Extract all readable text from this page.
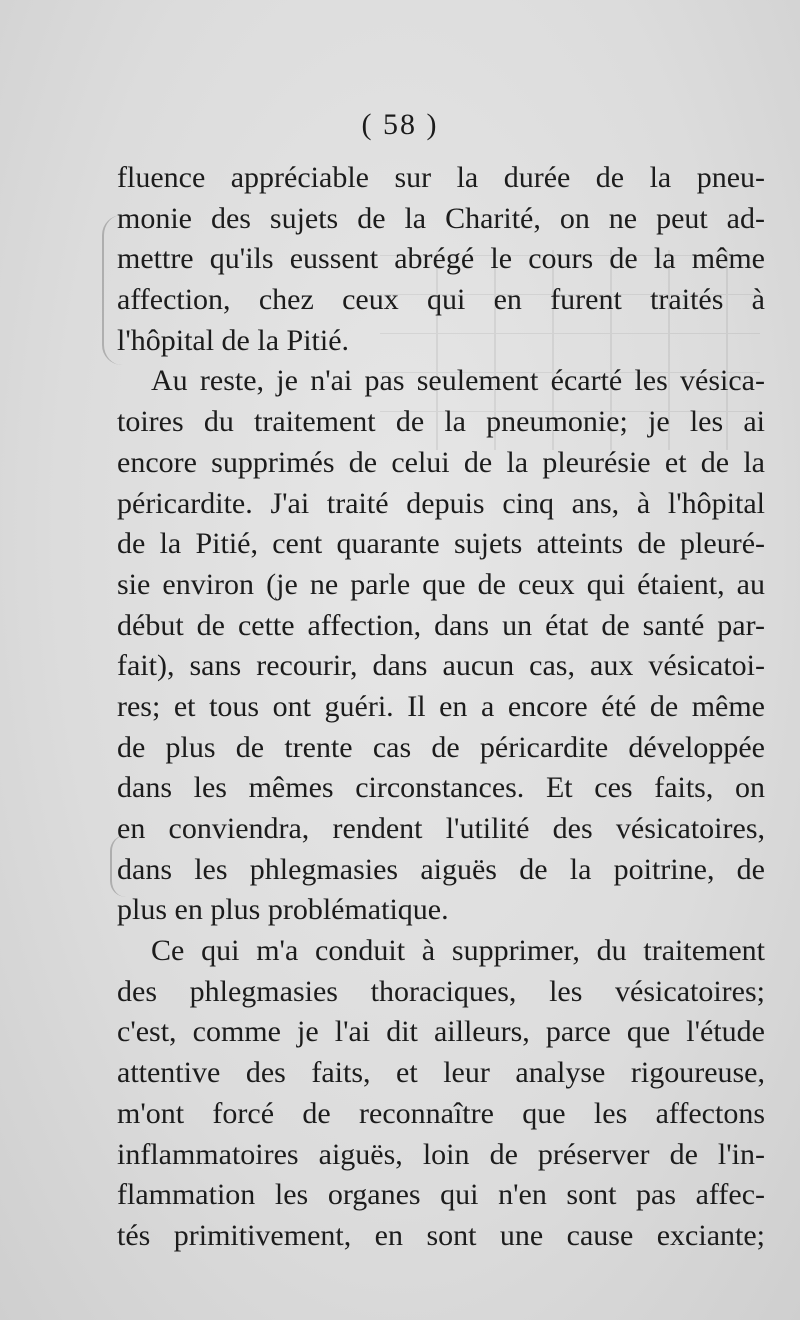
( 58 )
fluence appréciable sur la durée de la pneu-
monie des sujets de la Charité, on ne peut ad-
mettre qu'ils eussent abrégé le cours de la même
affection, chez ceux qui en furent traités à
l'hôpital de la Pitié.
Au reste, je n'ai pas seulement écarté les vésica-
toires du traitement de la pneumonie; je les ai
encore supprimés de celui de la pleurésie et de la
péricardite. J'ai traité depuis cinq ans, à l'hôpital
de la Pitié, cent quarante sujets atteints de pleuré-
sie environ (je ne parle que de ceux qui étaient, au
début de cette affection, dans un état de santé par-
fait), sans recourir, dans aucun cas, aux vésicatoi-
res; et tous ont guéri. Il en a encore été de même
de plus de trente cas de péricardite développée
dans les mêmes circonstances. Et ces faits, on
en conviendra, rendent l'utilité des vésicatoires,
dans les phlegmasies aiguës de la poitrine, de
plus en plus problématique.
Ce qui m'a conduit à supprimer, du traitement
des phlegmasies thoraciques, les vésicatoires;
c'est, comme je l'ai dit ailleurs, parce que l'étude
attentive des faits, et leur analyse rigoureuse,
m'ont forcé de reconnaître que les affectons
inflammatoires aiguës, loin de préserver de l'in-
flammation les organes qui n'en sont pas affec-
tés primitivement, en sont une cause exciante;
